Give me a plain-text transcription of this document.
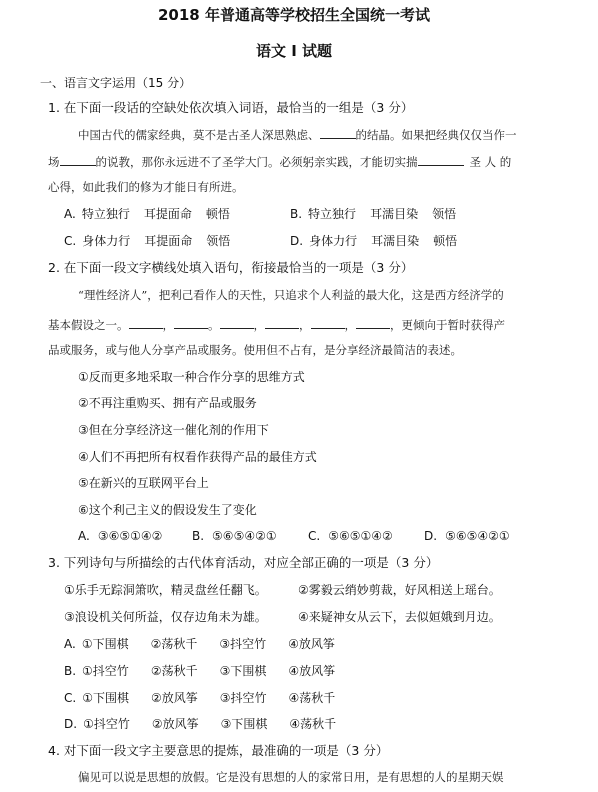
2018 年普通高等学校招生全国统一考试
语文 I 试题
一、语言文字运用（15 分）
1. 在下面一段话的空缺处依次填入词语，最恰当的一组是（3 分）
中国古代的儒家经典，莫不是古圣人深思熟虑、	的结晶。如果把经典仅仅当作一
场	的说教，那你永远进不了圣学大门。必须躬亲实践，才能切实揣	圣 人 的
心得，如此我们的修为才能日有所进。
A. 特立独行 耳提面命 顿悟	B. 特立独行 耳濡目染 领悟
C. 身体力行 耳提面命 领悟	D. 身体力行 耳濡目染 顿悟
2. 在下面一段文字横线处填入语句，衔接最恰当的一项是（3 分）
“理性经济人”，把利己看作人的天性，只追求个人利益的最大化，这是西方经济学的
基本假设之一。	，	。	，	，	，	，更倾向于暂时获得产
品或服务，或与他人分享产品或服务。使用但不占有，是分享经济最简洁的表述。
①反而更多地采取一种合作分享的思维方式
②不再注重购买、拥有产品或服务
③但在分享经济这一催化剂的作用下
④人们不再把所有权看作获得产品的最佳方式
⑤在新兴的互联网平台上
⑥这个利己主义的假设发生了变化
A. ③⑥⑤①④② B. ⑤⑥⑤④②①	C. ⑤⑥⑤①④②	D. ⑤⑥⑤④②①
3. 下列诗句与所描绘的古代体育活动，对应全部正确的一项是（3 分）
①乐手无踪洞箫吹，精灵盘丝任翻飞。	②雾毅云绡妙剪裁，好风相送上瑶台。
③浪设机关何所益，仅存边角未为雄。	④来疑神女从云下，去似姮娥到月边。
A. ①下围棋 ②荡秋千 ③抖空竹 ④放风筝
B. ①抖空竹 ②荡秋千 ③下围棋 ④放风筝
C. ①下围棋 ②放风筝 ③抖空竹 ④荡秋千
D. ①抖空竹 ②放风筝 ③下围棋 ④荡秋千
4. 对下面一段文字主要意思的提炼，最准确的一项是（3 分）
偏见可以说是思想的放假。它是没有思想的人的家常日用，是有思想的人的星期天娱
